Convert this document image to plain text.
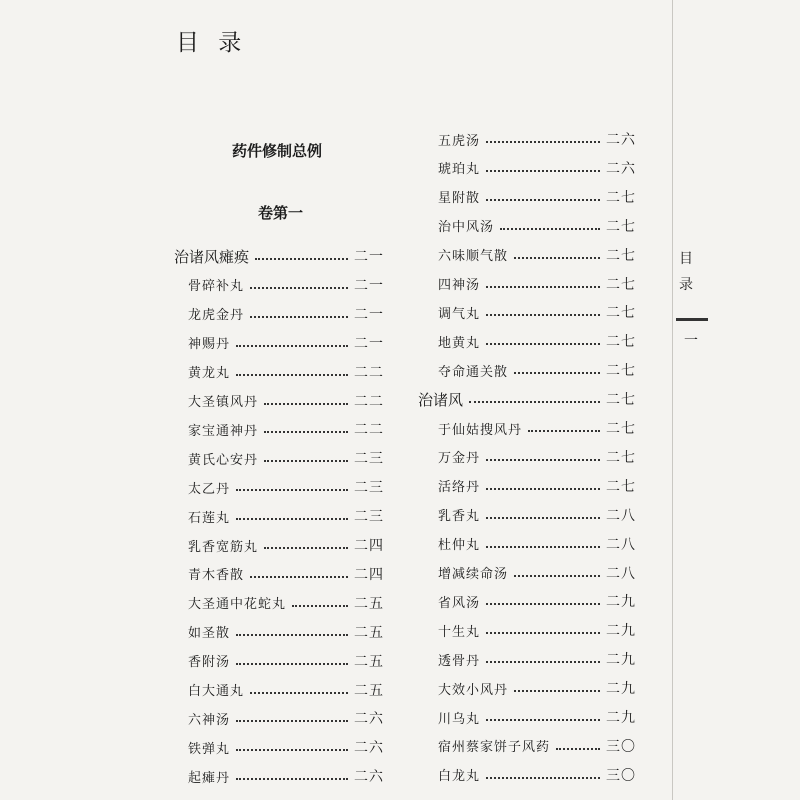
目 录
药件修制总例
卷第一
治诸风瘫痪	二一
骨碎补丸	二一
龙虎金丹	二一
神赐丹	二一
黄龙丸	二二
大圣镇风丹	二二
家宝通神丹	二二
黄氏心安丹	二三
太乙丹	二三
石莲丸	二三
乳香宽筋丸	二四
青木香散	二四
大圣通中花蛇丸	二五
如圣散	二五
香附汤	二五
白大通丸	二五
六神汤	二六
铁弹丸	二六
起瘫丹	二六
五虎汤	二六
琥珀丸	二六
星附散	二七
治中风汤	二七
六味顺气散	二七
四神汤	二七
调气丸	二七
地黄丸	二七
夺命通关散	二七
治诸风	二七
于仙姑搜风丹	二七
万金丹	二七
活络丹	二七
乳香丸	二八
杜仲丸	二八
增减续命汤	二八
省风汤	二九
十生丸	二九
透骨丹	二九
大效小风丹	二九
川乌丸	二九
宿州蔡家饼子风药	三〇
白龙丸	三〇
目
录
一
